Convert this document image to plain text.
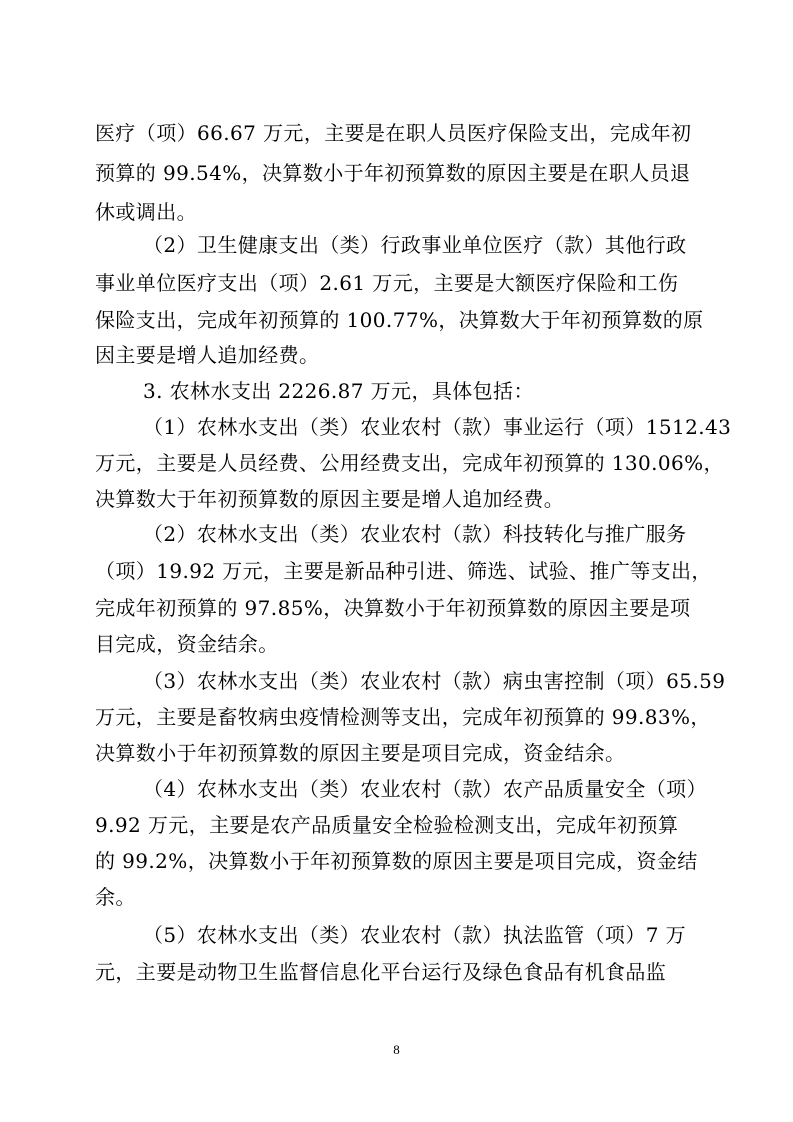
医疗（项）66.67 万元，主要是在职人员医疗保险支出，完成年初
预算的 99.54%，决算数小于年初预算数的原因主要是在职人员退
休或调出。
（2）卫生健康支出（类）行政事业单位医疗（款）其他行政
事业单位医疗支出（项）2.61 万元，主要是大额医疗保险和工伤
保险支出，完成年初预算的 100.77%，决算数大于年初预算数的原
因主要是增人追加经费。
3. 农林水支出 2226.87 万元，具体包括：
（1）农林水支出（类）农业农村（款）事业运行（项）1512.43
万元，主要是人员经费、公用经费支出，完成年初预算的 130.06%，
决算数大于年初预算数的原因主要是增人追加经费。
（2）农林水支出（类）农业农村（款）科技转化与推广服务
（项）19.92 万元，主要是新品种引进、筛选、试验、推广等支出，
完成年初预算的 97.85%，决算数小于年初预算数的原因主要是项
目完成，资金结余。
（3）农林水支出（类）农业农村（款）病虫害控制（项）65.59
万元，主要是畜牧病虫疫情检测等支出，完成年初预算的 99.83%，
决算数小于年初预算数的原因主要是项目完成，资金结余。
（4）农林水支出（类）农业农村（款）农产品质量安全（项）
9.92 万元，主要是农产品质量安全检验检测支出，完成年初预算
的 99.2%，决算数小于年初预算数的原因主要是项目完成，资金结
余。
（5）农林水支出（类）农业农村（款）执法监管（项）7 万
元，主要是动物卫生监督信息化平台运行及绿色食品有机食品监
8
